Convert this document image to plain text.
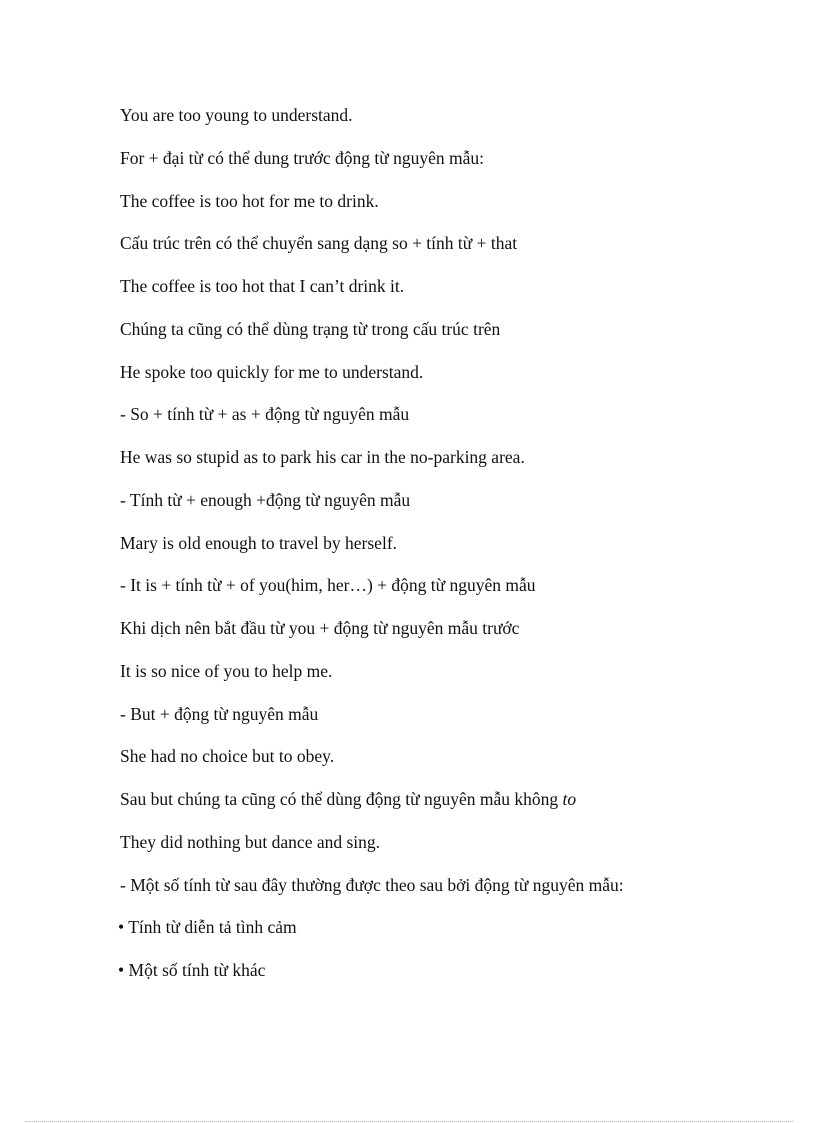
You are too young to understand.
For + đại từ có thể dung trước động từ nguyên mẫu:
The coffee is too hot for me to drink.
Cấu trúc trên có thể chuyển sang dạng so + tính từ + that
The coffee is too hot that I can’t drink it.
Chúng ta cũng có thể dùng trạng từ trong cấu trúc trên
He spoke too quickly for me to understand.
- So + tính từ + as + động từ nguyên mẫu
He was so stupid as to park his car in the no-parking area.
- Tính từ + enough +động từ nguyên mẫu
Mary is old enough to travel by herself.
- It is + tính từ + of you(him, her…) + động từ nguyên mẫu
Khi dịch nên bắt đầu từ you + động từ nguyên mẫu trước
It is so nice of you to help me.
- But + động từ nguyên mẫu
She had no choice but to obey.
Sau but chúng ta cũng có thể dùng động từ nguyên mẫu không to
They did nothing but dance and sing.
- Một số tính từ sau đây thường được theo sau bởi động từ nguyên mẫu:
• Tính từ diễn tả tình cảm
• Một số tính từ khác
